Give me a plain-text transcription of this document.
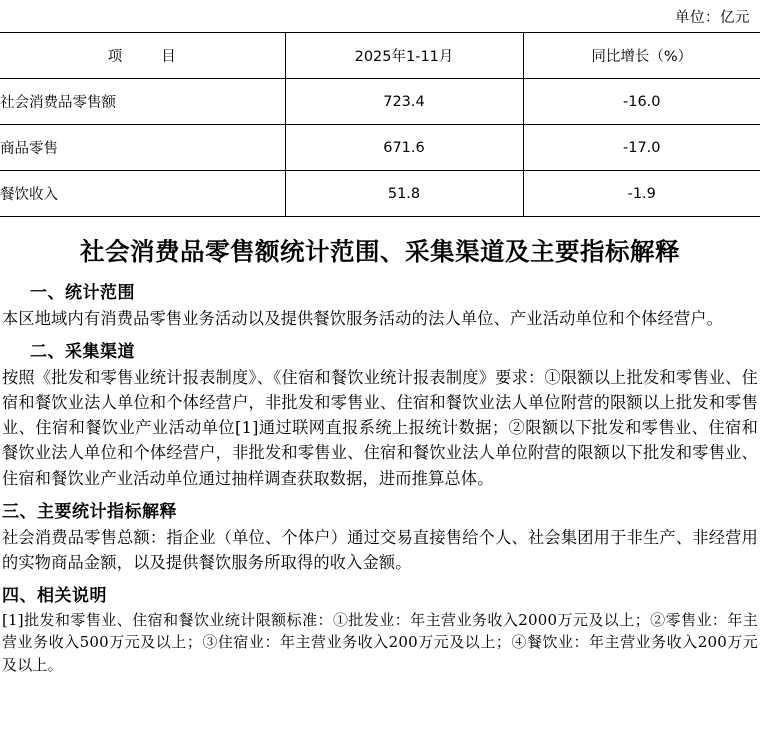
单位：亿元
项 目	2025年1-11月	同比增长（%）
社会消费品零售额	723.4	-16.0
商品零售	671.6	-17.0
餐饮收入	51.8	-1.9
社会消费品零售额统计范围、采集渠道及主要指标解释
一、统计范围

本区地域内有消费品零售业务活动以及提供餐饮服务活动的法人单位、产业活动单位和个体经营户。

二、采集渠道

按照《批发和零售业统计报表制度》、《住宿和餐饮业统计报表制度》要求：①限额以上批发和零售业、住宿和餐饮业法人单位和个体经营户，非批发和零售业、住宿和餐饮业法人单位附营的限额以上批发和零售业、住宿和餐饮业产业活动单位[1]通过联网直报系统上报统计数据；②限额以下批发和零售业、住宿和餐饮业法人单位和个体经营户，非批发和零售业、住宿和餐饮业法人单位附营的限额以下批发和零售业、住宿和餐饮业产业活动单位通过抽样调查获取数据，进而推算总体。

三、主要统计指标解释

社会消费品零售总额：指企业（单位、个体户）通过交易直接售给个人、社会集团用于非生产、非经营用的实物商品金额，以及提供餐饮服务所取得的收入金额。

四、相关说明

[1]批发和零售业、住宿和餐饮业统计限额标准：①批发业：年主营业务收入2000万元及以上；②零售业：年主营业务收入500万元及以上；③住宿业：年主营业务收入200万元及以上；④餐饮业：年主营业务收入200万元及以上。
